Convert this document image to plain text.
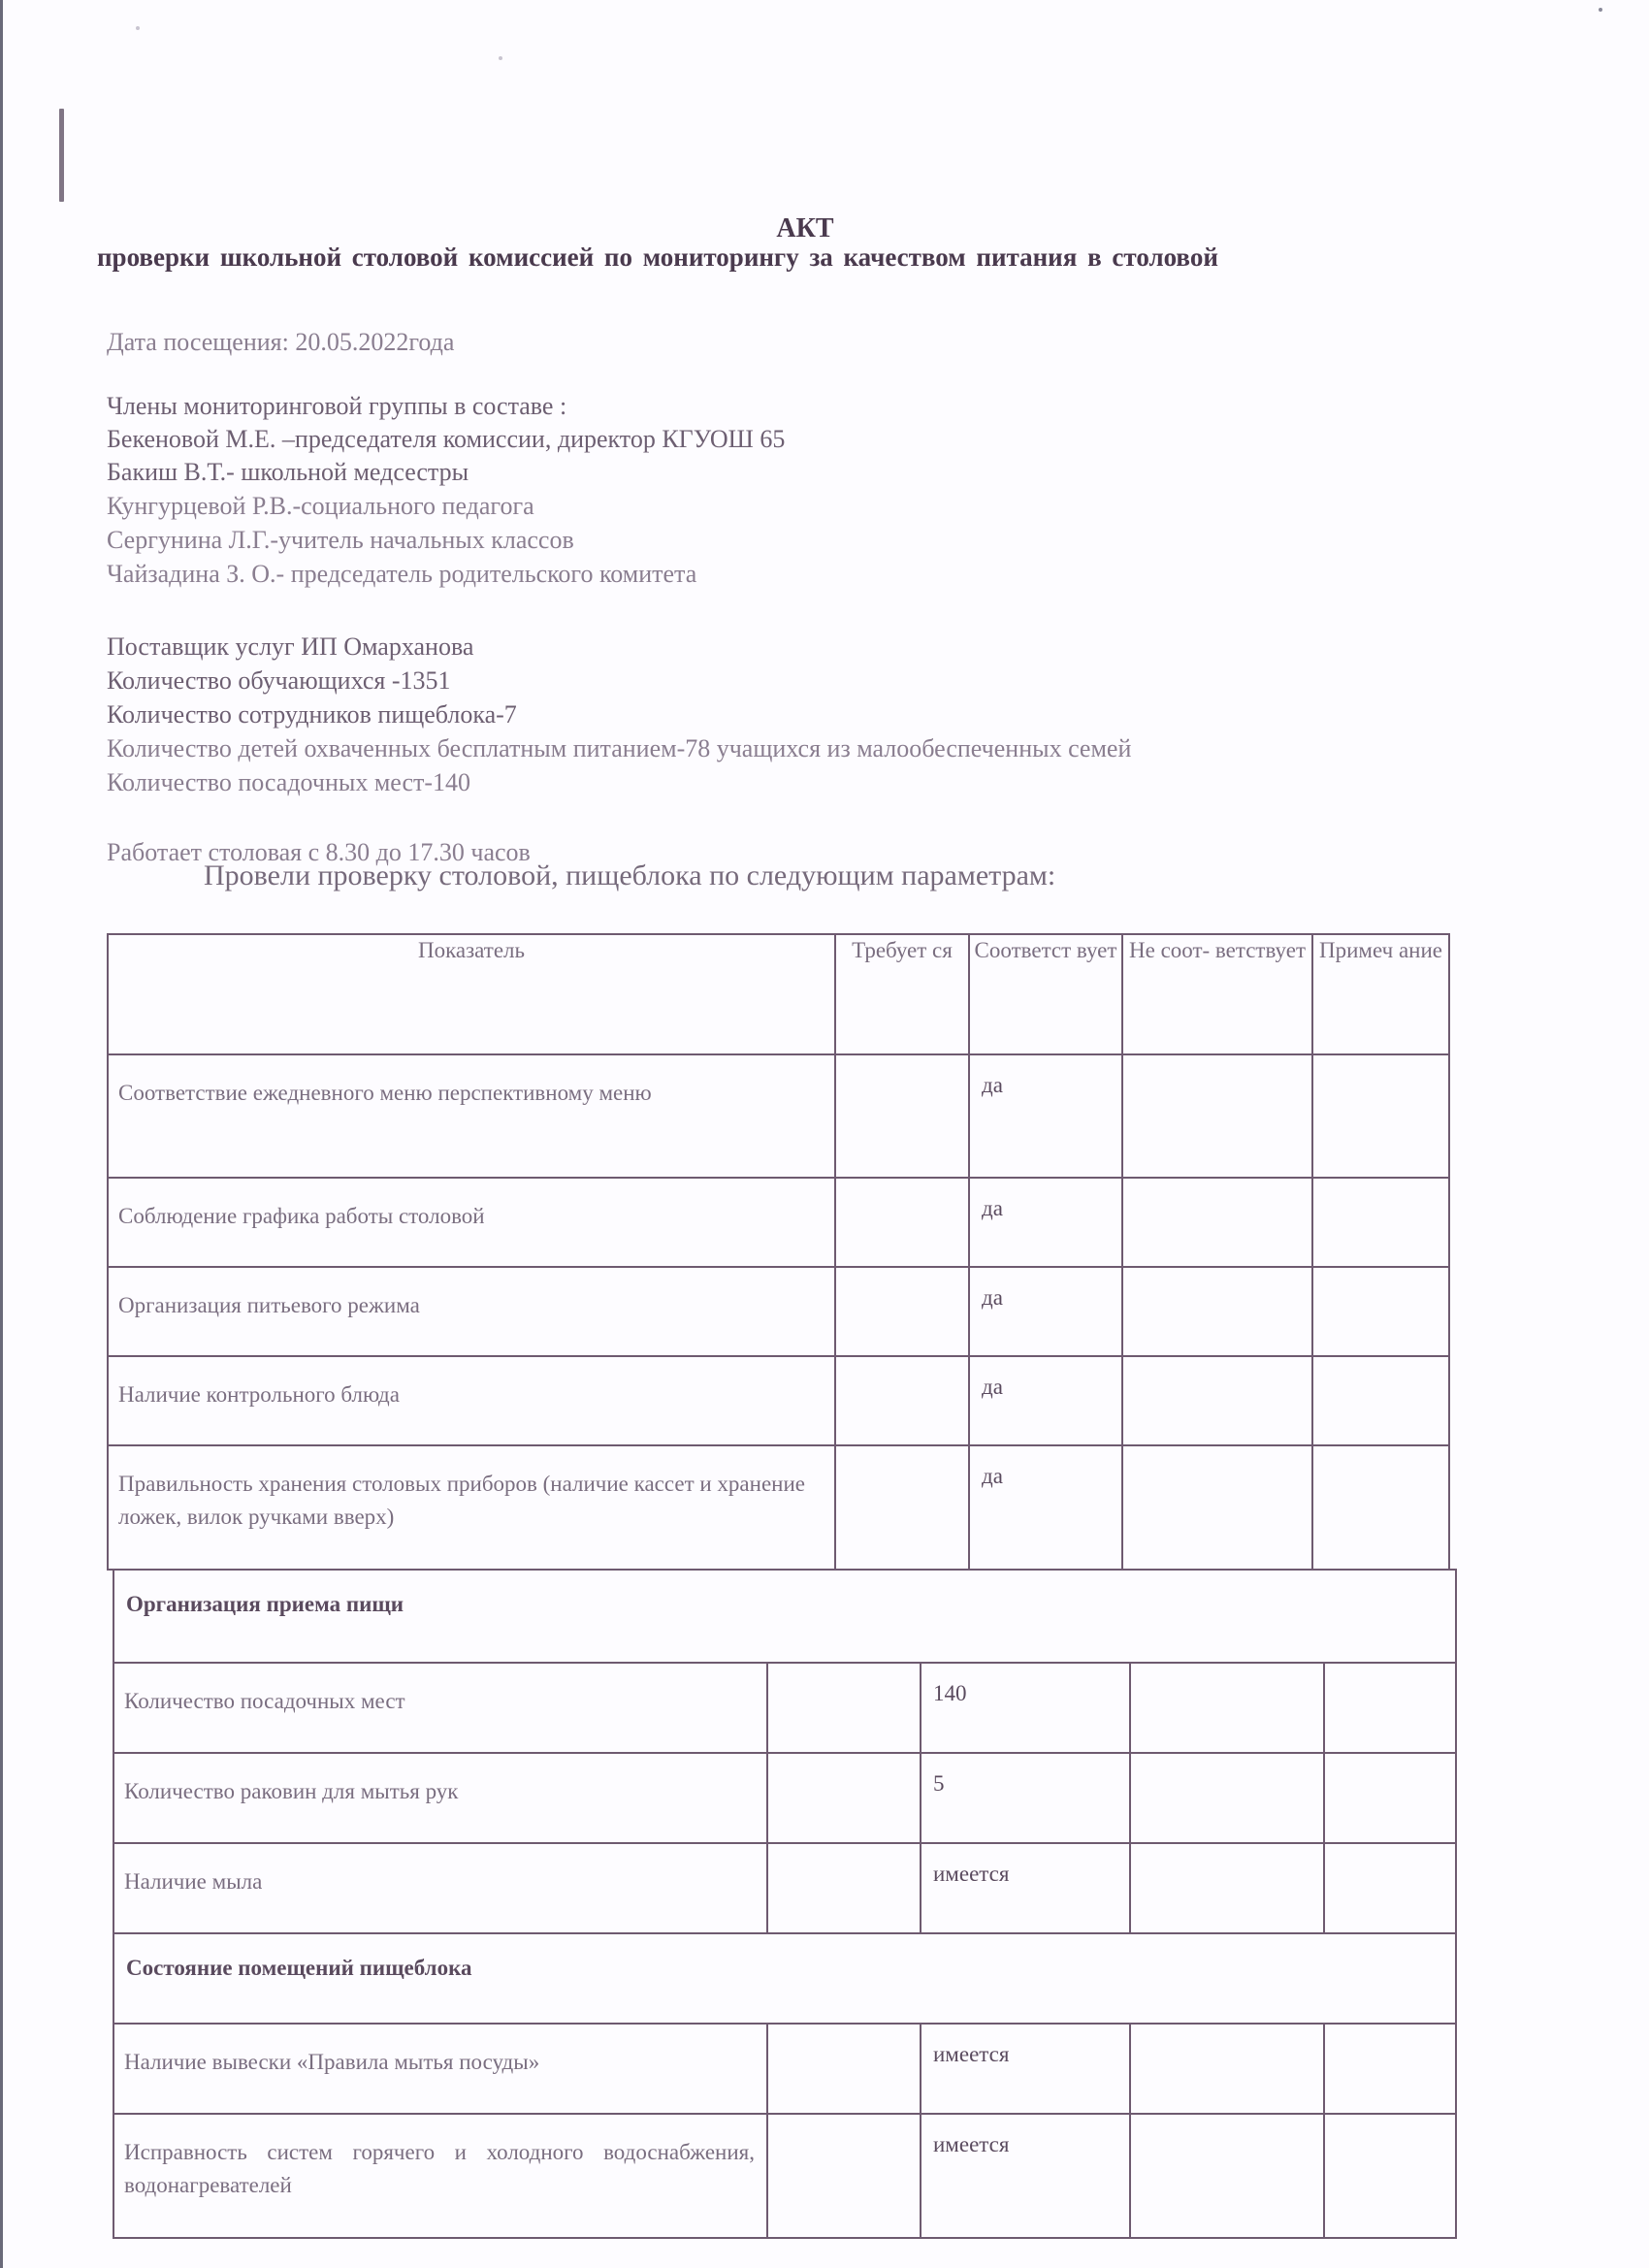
АКТ
проверки школьной столовой комиссией по мониторингу за качеством питания в столовой
Дата посещения: 20.05.2022года
Члены мониторинговой группы в составе :
Бекеновой М.Е. –председателя комиссии, директор КГУОШ 65
Бакиш В.Т.- школьной медсестры
Кунгурцевой Р.В.-социального педагога
Сергунина Л.Г.-учитель начальных классов
Чайзадина З. О.- председатель родительского комитета
Поставщик услуг ИП Омарханова
Количество обучающихся -1351
Количество сотрудников пищеблока-7
Количество детей охваченных бесплатным питанием-78 учащихся из малообеспеченных семей
Количество посадочных мест-140
Работает столовая с 8.30 до 17.30 часов
Провели проверку столовой, пищеблока по следующим параметрам:
Показатель	Требует ся	Соответст вует	Не соот- ветствует	Примеч ание
Соответствие ежедневного меню перспективному меню		да		
Соблюдение графика работы столовой		да		
Организация питьевого режима		да		
Наличие контрольного блюда		да		
Правильность хранения столовых приборов (наличие кассет и хранение ложек, вилок ручками вверх)		да		
Организация приема пищи				
Количество посадочных мест		140		
Количество раковин для мытья рук		5		
Наличие мыла		имеется		
Состояние помещений пищеблока				
Наличие вывески «Правила мытья посуды»		имеется		
Исправность систем горячего и холодного водоснабжения, водонагревателей		имеется		
